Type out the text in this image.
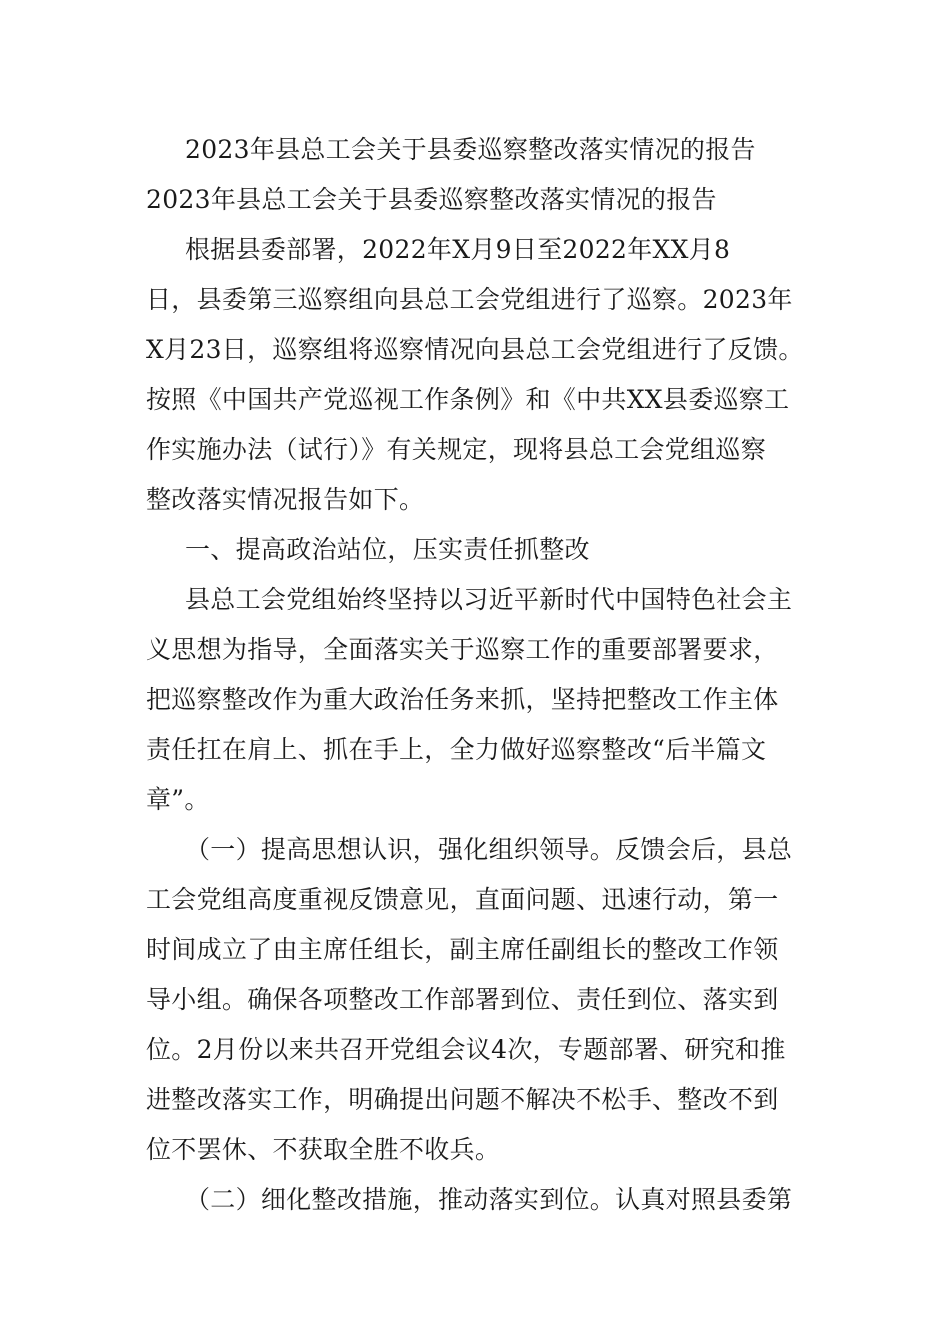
2023年县总工会关于县委巡察整改落实情况的报告
2023年县总工会关于县委巡察整改落实情况的报告
根据县委部署，2022年X月9日至2022年XX月8
日，县委第三巡察组向县总工会党组进行了巡察。2023年
X月23日，巡察组将巡察情况向县总工会党组进行了反馈。
按照《中国共产党巡视工作条例》和《中共XX县委巡察工
作实施办法（试行）》有关规定，现将县总工会党组巡察
整改落实情况报告如下。
一、提高政治站位，压实责任抓整改
县总工会党组始终坚持以习近平新时代中国特色社会主
义思想为指导，全面落实关于巡察工作的重要部署要求，
把巡察整改作为重大政治任务来抓，坚持把整改工作主体
责任扛在肩上、抓在手上，全力做好巡察整改“后半篇文
章”。
（一）提高思想认识，强化组织领导。反馈会后，县总
工会党组高度重视反馈意见，直面问题、迅速行动，第一
时间成立了由主席任组长，副主席任副组长的整改工作领
导小组。确保各项整改工作部署到位、责任到位、落实到
位。2月份以来共召开党组会议4次，专题部署、研究和推
进整改落实工作，明确提出问题不解决不松手、整改不到
位不罢休、不获取全胜不收兵。
（二）细化整改措施，推动落实到位。认真对照县委第
